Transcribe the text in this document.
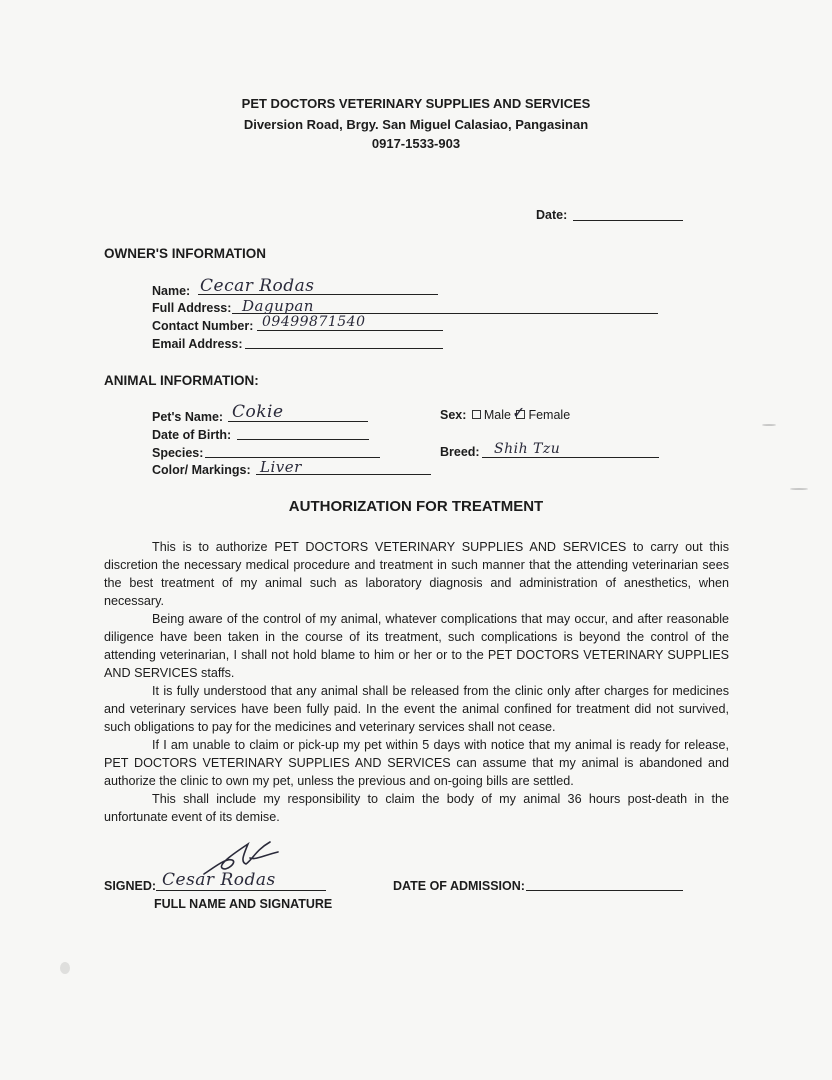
PET DOCTORS VETERINARY SUPPLIES AND SERVICES
Diversion Road, Brgy. San Miguel Calasiao, Pangasinan
0917-1533-903
Date:
OWNER'S INFORMATION
Name: Cecar Rodas
Full Address: Dagupan
Contact Number: 09499871540
Email Address:
ANIMAL INFORMATION:
Pet's Name: Cokie
Date of Birth:
Species:
Color/ Markings: Liver
Sex: Male Female
✓
Breed: Shih Tzu
AUTHORIZATION FOR TREATMENT

This is to authorize PET DOCTORS VETERINARY SUPPLIES AND SERVICES to carry out this discretion the necessary medical procedure and treatment in such manner that the attending veterinarian sees the best treatment of my animal such as laboratory diagnosis and administration of anesthetics, when necessary.

Being aware of the control of my animal, whatever complications that may occur, and after reasonable diligence have been taken in the course of its treatment, such complications is beyond the control of the attending veterinarian, I shall not hold blame to him or her or to the PET DOCTORS VETERINARY SUPPLIES AND SERVICES staffs.

It is fully understood that any animal shall be released from the clinic only after charges for medicines and veterinary services have been fully paid. In the event the animal confined for treatment did not survived, such obligations to pay for the medicines and veterinary services shall not cease.

If I am unable to claim or pick-up my pet within 5 days with notice that my animal is ready for release, PET DOCTORS VETERINARY SUPPLIES AND SERVICES can assume that my animal is abandoned and authorize the clinic to own my pet, unless the previous and on-going bills are settled.

This shall include my responsibility to claim the body of my animal 36 hours post-death in the unfortunate event of its demise.

SIGNED: Cesar Rodas
FULL NAME AND SIGNATURE
DATE OF ADMISSION:
